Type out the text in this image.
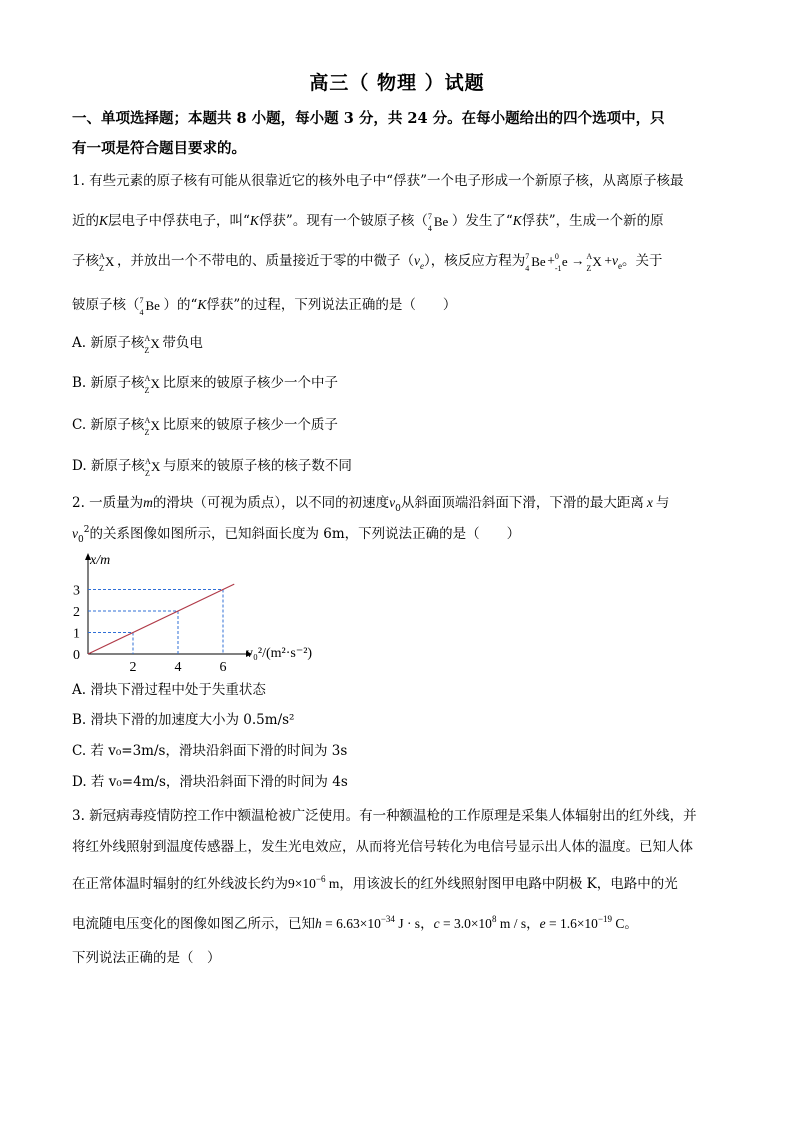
高三（ 物理 ）试题
一、单项选择题；本题共 8 小题，每小题 3 分，共 24 分。在每小题给出的四个选项中，只
有一项是符合题目要求的。
1. 有些元素的原子核有可能从很靠近它的核外电子中“俘获”一个电子形成一个新原子核，从离原子核最
近的K层电子中俘获电子，叫“K俘获”。现有一个铍原子核（ 7
4 Be ）发生了“K俘获”，生成一个新的原
子核 A
Z X ，并放出一个不带电的、质量接近于零的中微子$(\nu_e)$，核反应方程为 7
4 Be + 0
-1 e → A
Z $X +\nu_e$。关于
铍原子核（ 7
4 Be ）的“K俘获”的过程，下列说法正确的是（　　）
A. 新原子核 A
Z X 带负电
B. 新原子核 A
Z X 比原来的铍原子核少一个中子
C. 新原子核 A
Z X 比原来的铍原子核少一个质子
D. 新原子核 A
Z X 与原来的铍原子核的核子数不同
2. 一质量为m的滑块（可视为质点），以不同的初速度$v_0$从斜面顶端沿斜面下滑，下滑的最大距离 x 与
$v_0^2$的关系图像如图所示，已知斜面长度为 6m，下列说法正确的是（　　）
2	4	6
1
2
3
0
x/m
v₀²/(m²·s⁻²)
A. 滑块下滑过程中处于失重状态
B. 滑块下滑的加速度大小为 0.5m/s²
C. 若 v₀=3m/s，滑块沿斜面下滑的时间为 3s
D. 若 v₀=4m/s，滑块沿斜面下滑的时间为 4s
3. 新冠病毒疫情防控工作中额温枪被广泛使用。有一种额温枪的工作原理是采集人体辐射出的红外线，并
将红外线照射到温度传感器上，发生光电效应，从而将光信号转化为电信号显示出人体的温度。已知人体
在正常体温时辐射的红外线波长约为$9\times 10^{-6}$ m，用该波长的红外线照射图甲电路中阴极 K，电路中的光
电流随电压变化的图像如图乙所示，已知$h = 6.63\times 10^{-34}$ J · s，$c = 3.0\times 10^8$ m / s，$e = 1.6\times 10^{-19}$ C。
下列说法正确的是（　）
